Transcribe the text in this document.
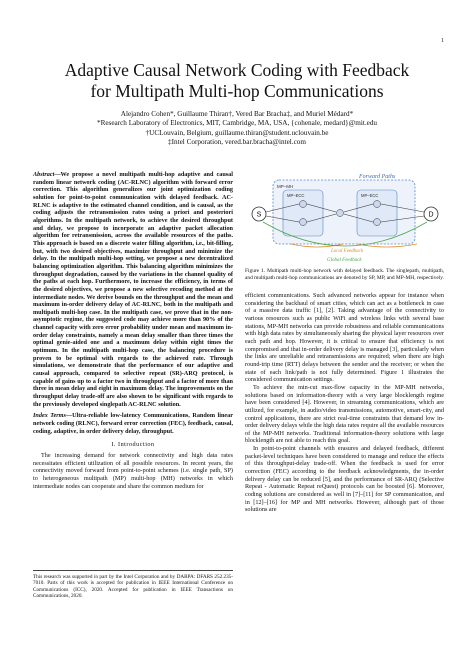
1
Adaptive Causal Network Coding with Feedback
for Multipath Multi-hop Communications
Alejandro Cohen*, Guillaume Thiran†, Vered Bar Bracha‡, and Muriel Médard*
*Research Laboratory of Electronics, MIT, Cambridge, MA, USA, {cohenale, medard}@mit.edu
†UCLouvain, Belgium, guillaume.thiran@student.uclouvain.be
‡Intel Corporation, vered.bar.bracha@intel.com
Abstract—We propose a novel multipath multi-hop adaptive and causal random linear network coding (AC-RLNC) algorithm with forward error correction. This algorithm generalizes our joint optimization coding solution for point-to-point communication with delayed feedback. AC-RLNC is adaptive to the estimated channel condition, and is causal, as the coding adjusts the retransmission rates using a priori and posteriori algorithms. In the multipath network, to achieve the desired throughput and delay, we propose to incorporate an adaptive packet allocation algorithm for retransmission, across the available resources of the paths. This approach is based on a discrete water filling algorithm, i.e., bit-filling, but, with two desired objectives, maximize throughput and minimize the delay. In the multipath multi-hop setting, we propose a new decentralized balancing optimization algorithm. This balancing algorithm minimizes the throughput degradation, caused by the variations in the channel quality of the paths at each hop. Furthermore, to increase the efficiency, in terms of the desired objectives, we propose a new selective recoding method at the intermediate nodes. We derive bounds on the throughput and the mean and maximum in-order delivery delay of AC-RLNC, both in the multipath and multipath multi-hop case. In the multipath case, we prove that in the non-asymptotic regime, the suggested code may achieve more than 90% of the channel capacity with zero error probability under mean and maximum in-order delay constraints, namely a mean delay smaller than three times the optimal genie-aided one and a maximum delay within eight times the optimum. In the multipath multi-hop case, the balancing procedure is proven to be optimal with regards to the achieved rate. Through simulations, we demonstrate that the performance of our adaptive and causal approach, compared to selective repeat (SR)-ARQ protocol, is capable of gains up to a factor two in throughput and a factor of more than three in mean delay and eight in maximum delay. The improvements on the throughput delay trade-off are also shown to be significant with regards to the previously developed singlepath AC-RLNC solution.
Index Terms—Ultra-reliable low-latency Communications, Random linear network coding (RLNC), forward error correction (FEC), feedback, causal, coding, adaptive, in order delivery delay, throughput.
I. Introduction

The increasing demand for network connectivity and high data rates necessitates efficient utilization of all possible resources. In recent years, the connectivity moved forward from point-to-point schemes (i.e. single path, SP) to heterogeneous multipath (MP) multi-hop (MH) networks in which intermediate nodes can cooperate and share the common medium for

This research was supported in part by the Intel Corporation and by DARPA: DFARS 252.235-7010. Parts of this work is accepted for publication in IEEE International Conference on Communications (ICC), 2020. Accepted for publication in IEEE Transactions on Communications, 2020.
Forward Paths
S	D
MP–MH
MP–ECC	MP–ECC
Local Feedback
Global Feedback
Figure 1. Multipath multi-hop network with delayed feedback. The singlepath, multipath, and multipath multi-hop communications are denoted by SP, MP, and MP-MH, respectively.

efficient communications. Such advanced networks appear for instance when considering the backhaul of smart cities, which can act as a bottleneck in case of a massive data traffic [1], [2]. Taking advantage of the connectivity to various resources such as public WiFi and wireless links with several base stations, MP-MH networks can provide robustness and reliable communications with high data rates by simultaneously sharing the physical layer resources over each path and hop. However, it is critical to ensure that efficiency is not compromised and that in-order delivery delay is managed [3], particularly when the links are unreliable and retransmissions are required; when there are high round-trip time (RTT) delays between the sender and the receiver; or when the state of each link/path is not fully determined. Figure 1 illustrates the considered communication settings.

To achieve the min-cut max-flow capacity in the MP-MH networks, solutions based on information-theory with a very large blocklength regime have been considered [4]. However, in streaming communications, which are utilized, for example, in audio/video transmissions, automotive, smart-city, and control applications, there are strict real-time constraints that demand low in-order delivery delays while the high data rates require all the available resources of the MP-MH networks. Traditional information-theory solutions with large blocklength are not able to reach this goal.

In point-to-point channels with erasures and delayed feedback, different packet-level techniques have been considered to manage and reduce the effects of this throughput-delay trade-off. When the feedback is used for error correction (FEC) according to the feedback acknowledgments, the in-order delivery delay can be reduced [5], and the performance of SR-ARQ (Selective Repeat - Automatic Repeat reQuest) protocols can be boosted [6]. Moreover, coding solutions are considered as well in [7]–[11] for SP communication, and in [12]–[16] for MP and MH networks. However, although part of those solutions are
